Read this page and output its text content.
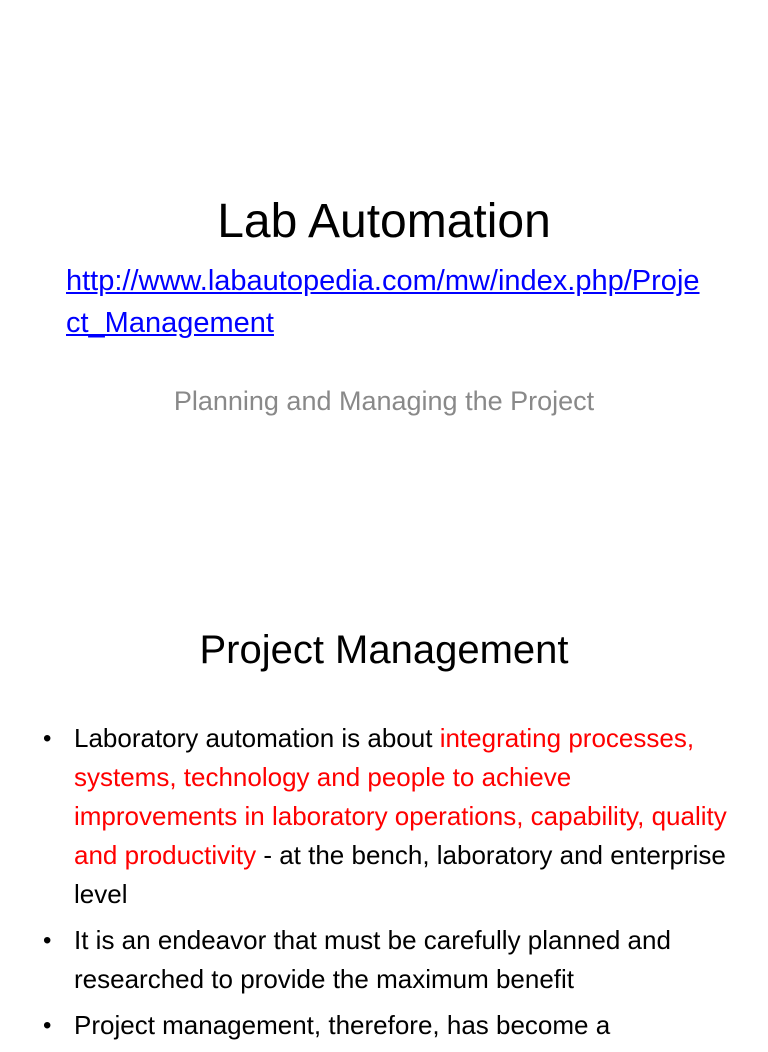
Lab Automation
http://www.labautopedia.com/mw/index.php/Project_Management
Planning and Managing the Project
Project Management
• Laboratory automation is about integrating processes, systems, technology and people to achieve improvements in laboratory operations, capability, quality and productivity - at the bench, laboratory and enterprise level
• It is an endeavor that must be carefully planned and researched to provide the maximum benefit
• Project management, therefore, has become a
